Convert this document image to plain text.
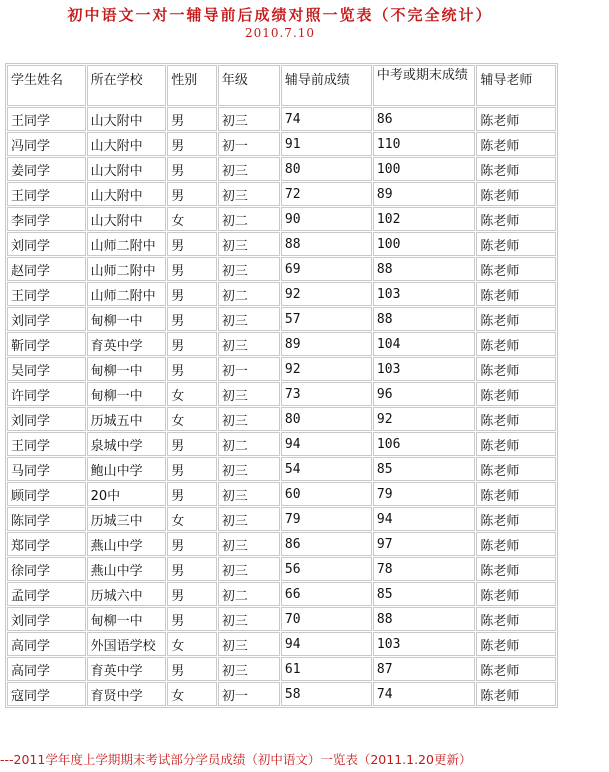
初中语文一对一辅导前后成绩对照一览表（不完全统计）
2010.7.10
学生姓名	所在学校	性别	年级	辅导前成绩	中考或期末成绩	辅导老师
王同学	山大附中	男	初三	74	86	陈老师
冯同学	山大附中	男	初一	91	110	陈老师
姜同学	山大附中	男	初三	80	100	陈老师
王同学	山大附中	男	初三	72	89	陈老师
李同学	山大附中	女	初二	90	102	陈老师
刘同学	山师二附中	男	初三	88	100	陈老师
赵同学	山师二附中	男	初三	69	88	陈老师
王同学	山师二附中	男	初二	92	103	陈老师
刘同学	甸柳一中	男	初三	57	88	陈老师
靳同学	育英中学	男	初三	89	104	陈老师
吴同学	甸柳一中	男	初一	92	103	陈老师
许同学	甸柳一中	女	初三	73	96	陈老师
刘同学	历城五中	女	初三	80	92	陈老师
王同学	泉城中学	男	初二	94	106	陈老师
马同学	鲍山中学	男	初三	54	85	陈老师
顾同学	20中	男	初三	60	79	陈老师
陈同学	历城三中	女	初三	79	94	陈老师
郑同学	燕山中学	男	初三	86	97	陈老师
徐同学	燕山中学	男	初三	56	78	陈老师
孟同学	历城六中	男	初二	66	85	陈老师
刘同学	甸柳一中	男	初三	70	88	陈老师
高同学	外国语学校	女	初三	94	103	陈老师
高同学	育英中学	男	初三	61	87	陈老师
寇同学	育贤中学	女	初一	58	74	陈老师
---2011学年度上学期期末考试部分学员成绩（初中语文）一览表（2011.1.20更新）
